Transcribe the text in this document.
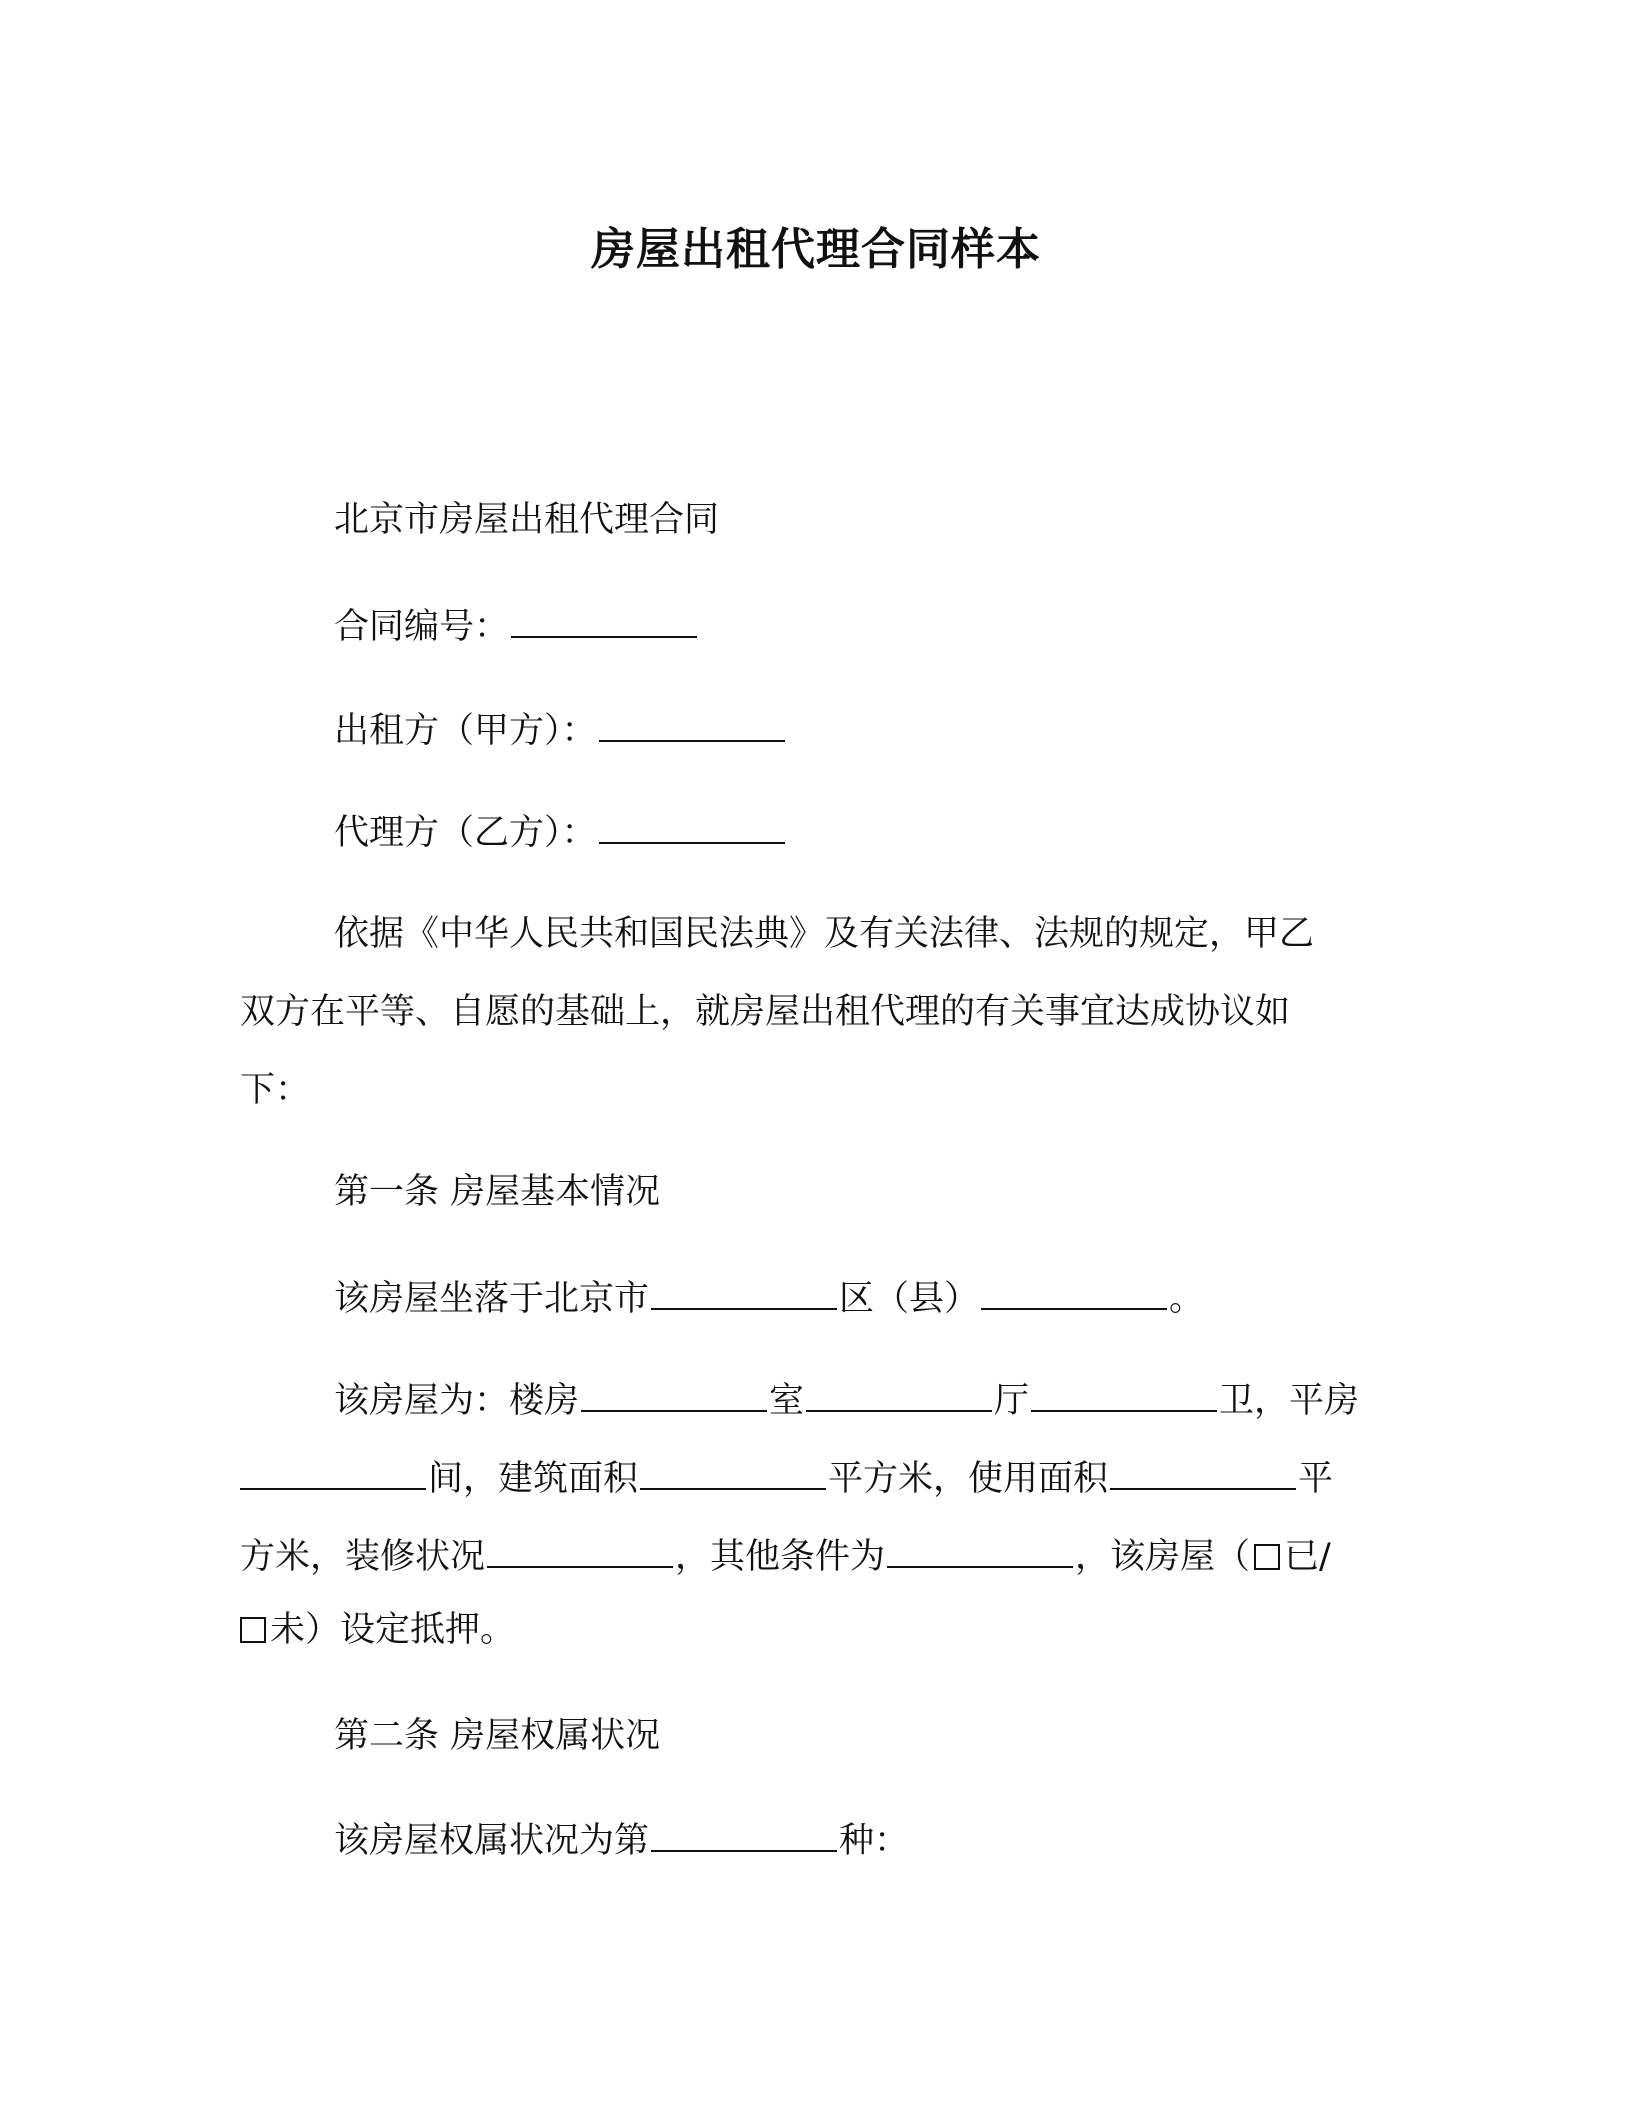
房屋出租代理合同样本
北京市房屋出租代理合同
合同编号：
出租方（甲方）：
代理方（乙方）：
依据《中华人民共和国民法典》及有关法律、法规的规定，甲乙
双方在平等、自愿的基础上，就房屋出租代理的有关事宜达成协议如
下：
第一条 房屋基本情况
该房屋坐落于北京市	区（县）	。
该房屋为：楼房	室	厅	卫，平房
间，建筑面积	平方米，使用面积	平
方米，装修状况	，其他条件为	，该房屋（ 已/
未）设定抵押。
第二条 房屋权属状况
该房屋权属状况为第	种：
